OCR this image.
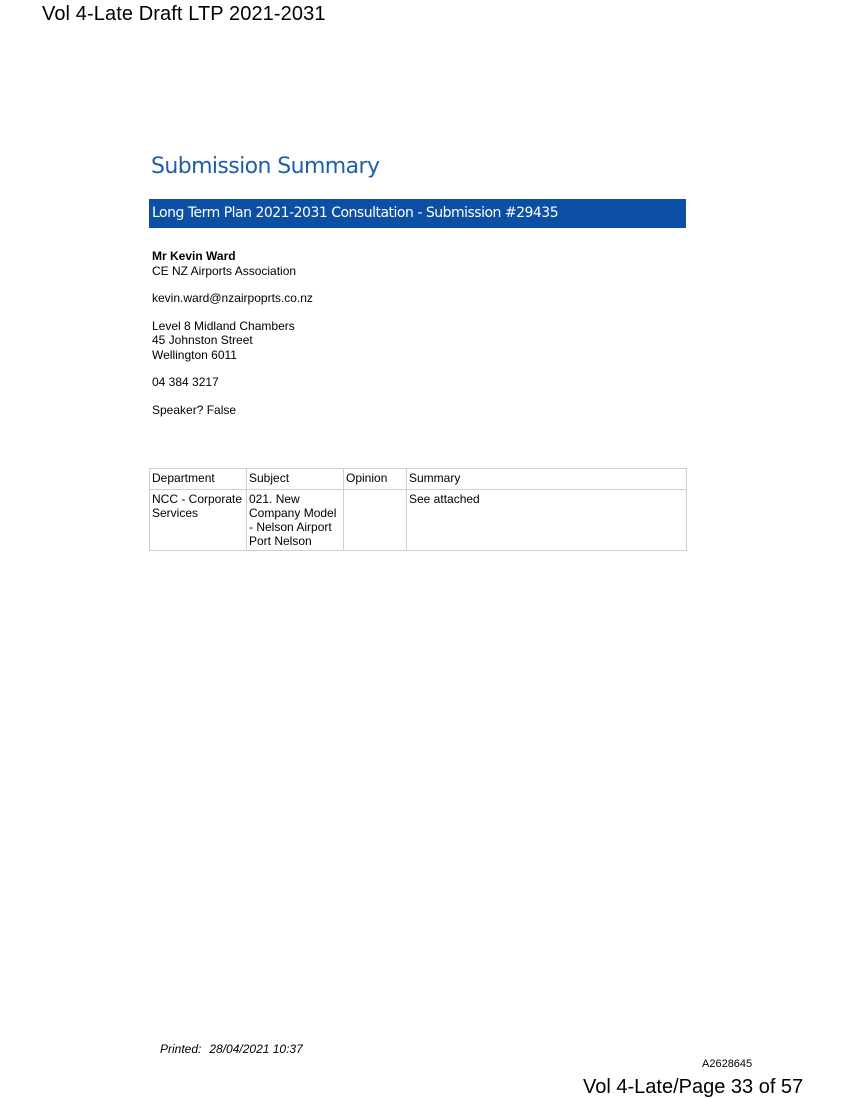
Vol 4-Late Draft LTP 2021-2031
Submission Summary
Long Term Plan 2021-2031 Consultation - Submission #29435
Mr Kevin Ward
CE NZ Airports Association
kevin.ward@nzairpoprts.co.nz
Level 8 Midland Chambers
45 Johnston Street
Wellington 6011
04 384 3217
Speaker? False
Department	Subject	Opinion	Summary
NCC - Corporate Services	021. New Company Model - Nelson Airport Port Nelson		See attached
Printed: 28/04/2021 10:37
A2628645
Vol 4-Late/Page 33 of 57
